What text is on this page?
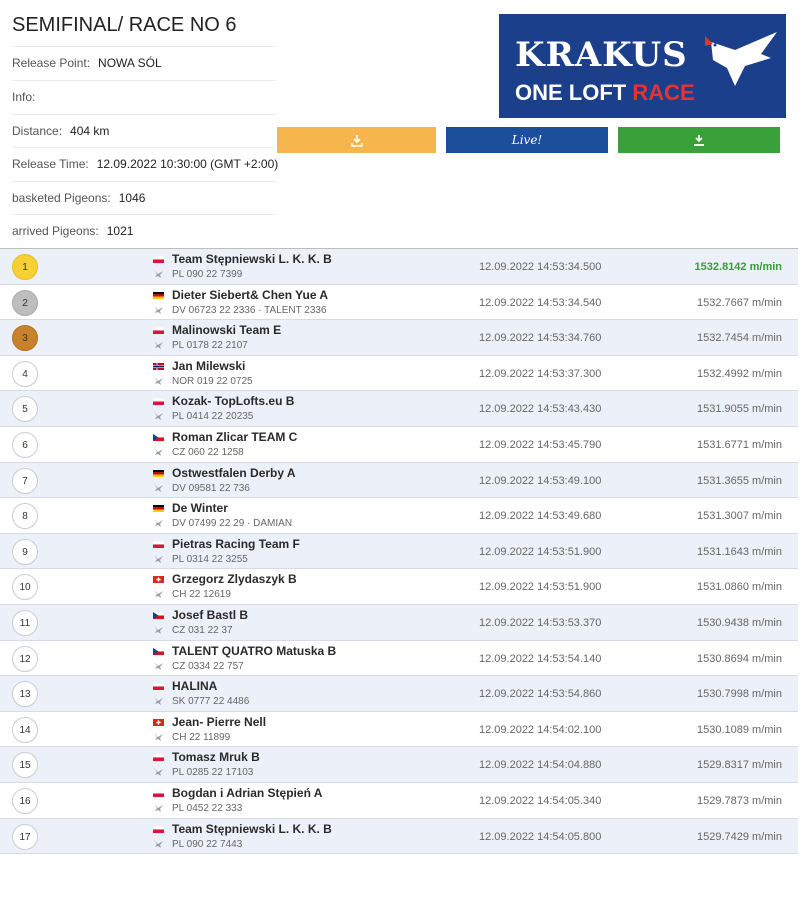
SEMIFINAL/ RACE NO 6
Release Point: NOWA SÓL
Info:
Distance: 404 km
Release Time: 12.09.2022 10:30:00 (GMT +2:00)
basketed Pigeons: 1046
arrived Pigeons: 1021
KRAKUS
ONE LOFT RACE
Live!
1
Team Stępniewski L. K. K. B
PL 090 22 7399
12.09.2022 14:53:34.500	1532.8142 m/min
2
Dieter Siebert& Chen Yue A
DV 06723 22 2336 · TALENT 2336
12.09.2022 14:53:34.540	1532.7667 m/min
3
Malinowski Team E
PL 0178 22 2107
12.09.2022 14:53:34.760	1532.7454 m/min
4
Jan Milewski
NOR 019 22 0725
12.09.2022 14:53:37.300	1532.4992 m/min
5
Kozak- TopLofts.eu B
PL 0414 22 20235
12.09.2022 14:53:43.430	1531.9055 m/min
6
Roman Zlicar TEAM C
CZ 060 22 1258
12.09.2022 14:53:45.790	1531.6771 m/min
7
Ostwestfalen Derby A
DV 09581 22 736
12.09.2022 14:53:49.100	1531.3655 m/min
8
De Winter
DV 07499 22 29 · DAMIAN
12.09.2022 14:53:49.680	1531.3007 m/min
9
Pietras Racing Team F
PL 0314 22 3255
12.09.2022 14:53:51.900	1531.1643 m/min
10
Grzegorz Zlydaszyk B
CH 22 12619
12.09.2022 14:53:51.900	1531.0860 m/min
11
Josef Bastl B
CZ 031 22 37
12.09.2022 14:53:53.370	1530.9438 m/min
12
TALENT QUATRO Matuska B
CZ 0334 22 757
12.09.2022 14:53:54.140	1530.8694 m/min
13
HALINA
SK 0777 22 4486
12.09.2022 14:53:54.860	1530.7998 m/min
14
Jean- Pierre Nell
CH 22 11899
12.09.2022 14:54:02.100	1530.1089 m/min
15
Tomasz Mruk B
PL 0285 22 17103
12.09.2022 14:54:04.880	1529.8317 m/min
16
Bogdan i Adrian Stępień A
PL 0452 22 333
12.09.2022 14:54:05.340	1529.7873 m/min
17
Team Stępniewski L. K. K. B
PL 090 22 7443
12.09.2022 14:54:05.800	1529.7429 m/min
